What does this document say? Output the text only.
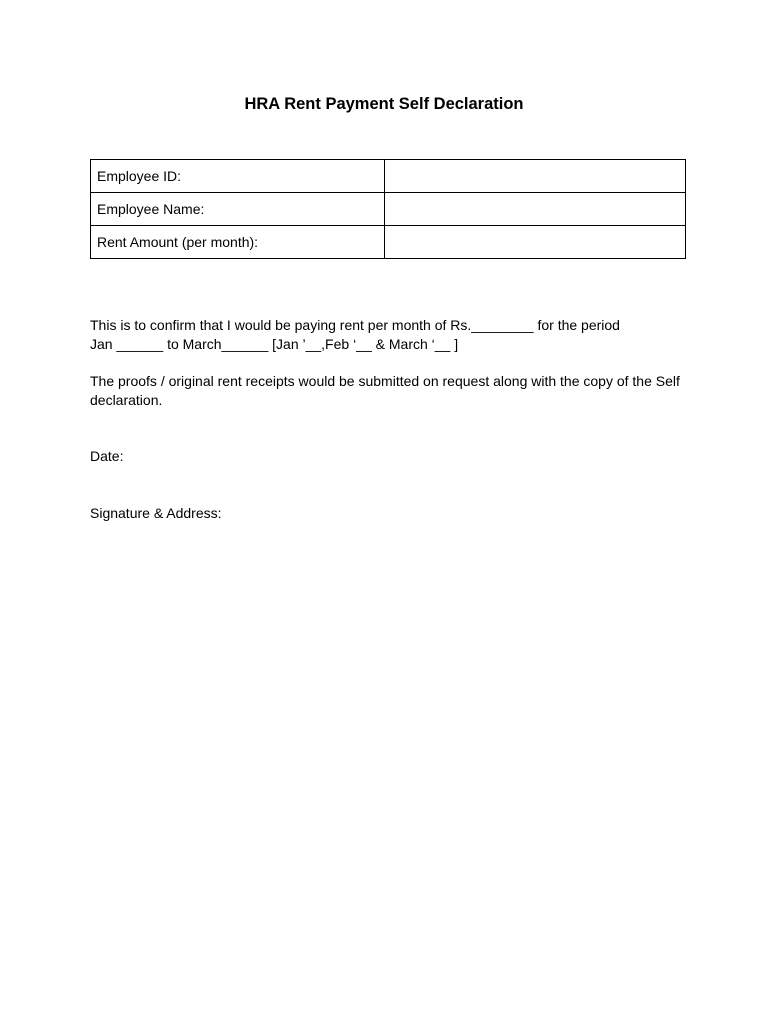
HRA Rent Payment Self Declaration
Employee ID:	
Employee Name:	
Rent Amount (per month):	

This is to confirm that I would be paying rent per month of Rs.________ for the period
Jan ______ to March______ [Jan ’__,Feb ‘__ & March ‘__ ]

The proofs / original rent receipts would be submitted on request along with the copy of the Self
declaration.

Date:

Signature & Address:
